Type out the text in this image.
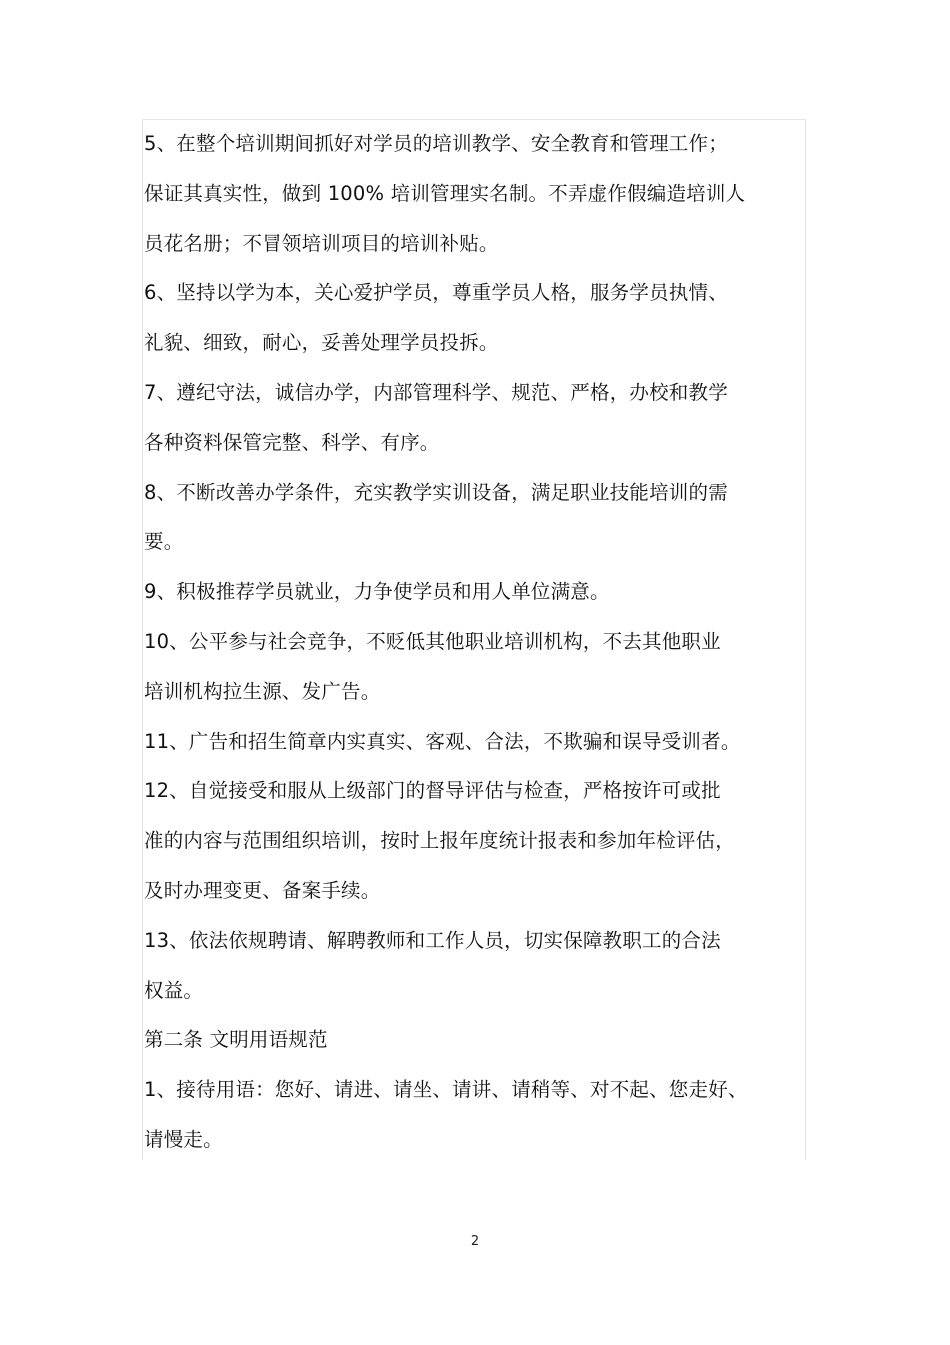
5、在整个培训期间抓好对学员的培训教学、安全教育和管理工作；
保证其真实性，做到 100% 培训管理实名制。不弄虚作假编造培训人
员花名册；不冒领培训项目的培训补贴。
6、坚持以学为本，关心爱护学员，尊重学员人格，服务学员执情、
礼貌、细致，耐心，妥善处理学员投拆。
7、遵纪守法，诚信办学，内部管理科学、规范、严格，办校和教学
各种资料保管完整、科学、有序。
8、不断改善办学条件，充实教学实训设备，满足职业技能培训的需
要。
9、积极推荐学员就业，力争使学员和用人单位满意。
10、公平参与社会竞争，不贬低其他职业培训机构，不去其他职业
培训机构拉生源、发广告。
11、广告和招生简章内实真实、客观、合法，不欺骗和误导受训者。
12、自觉接受和服从上级部门的督导评估与检查，严格按许可或批
准的内容与范围组织培训，按时上报年度统计报表和参加年检评估，
及时办理变更、备案手续。
13、依法依规聘请、解聘教师和工作人员，切实保障教职工的合法
权益。
第二条 文明用语规范
1、接待用语：您好、请进、请坐、请讲、请稍等、对不起、您走好、
请慢走。
2
